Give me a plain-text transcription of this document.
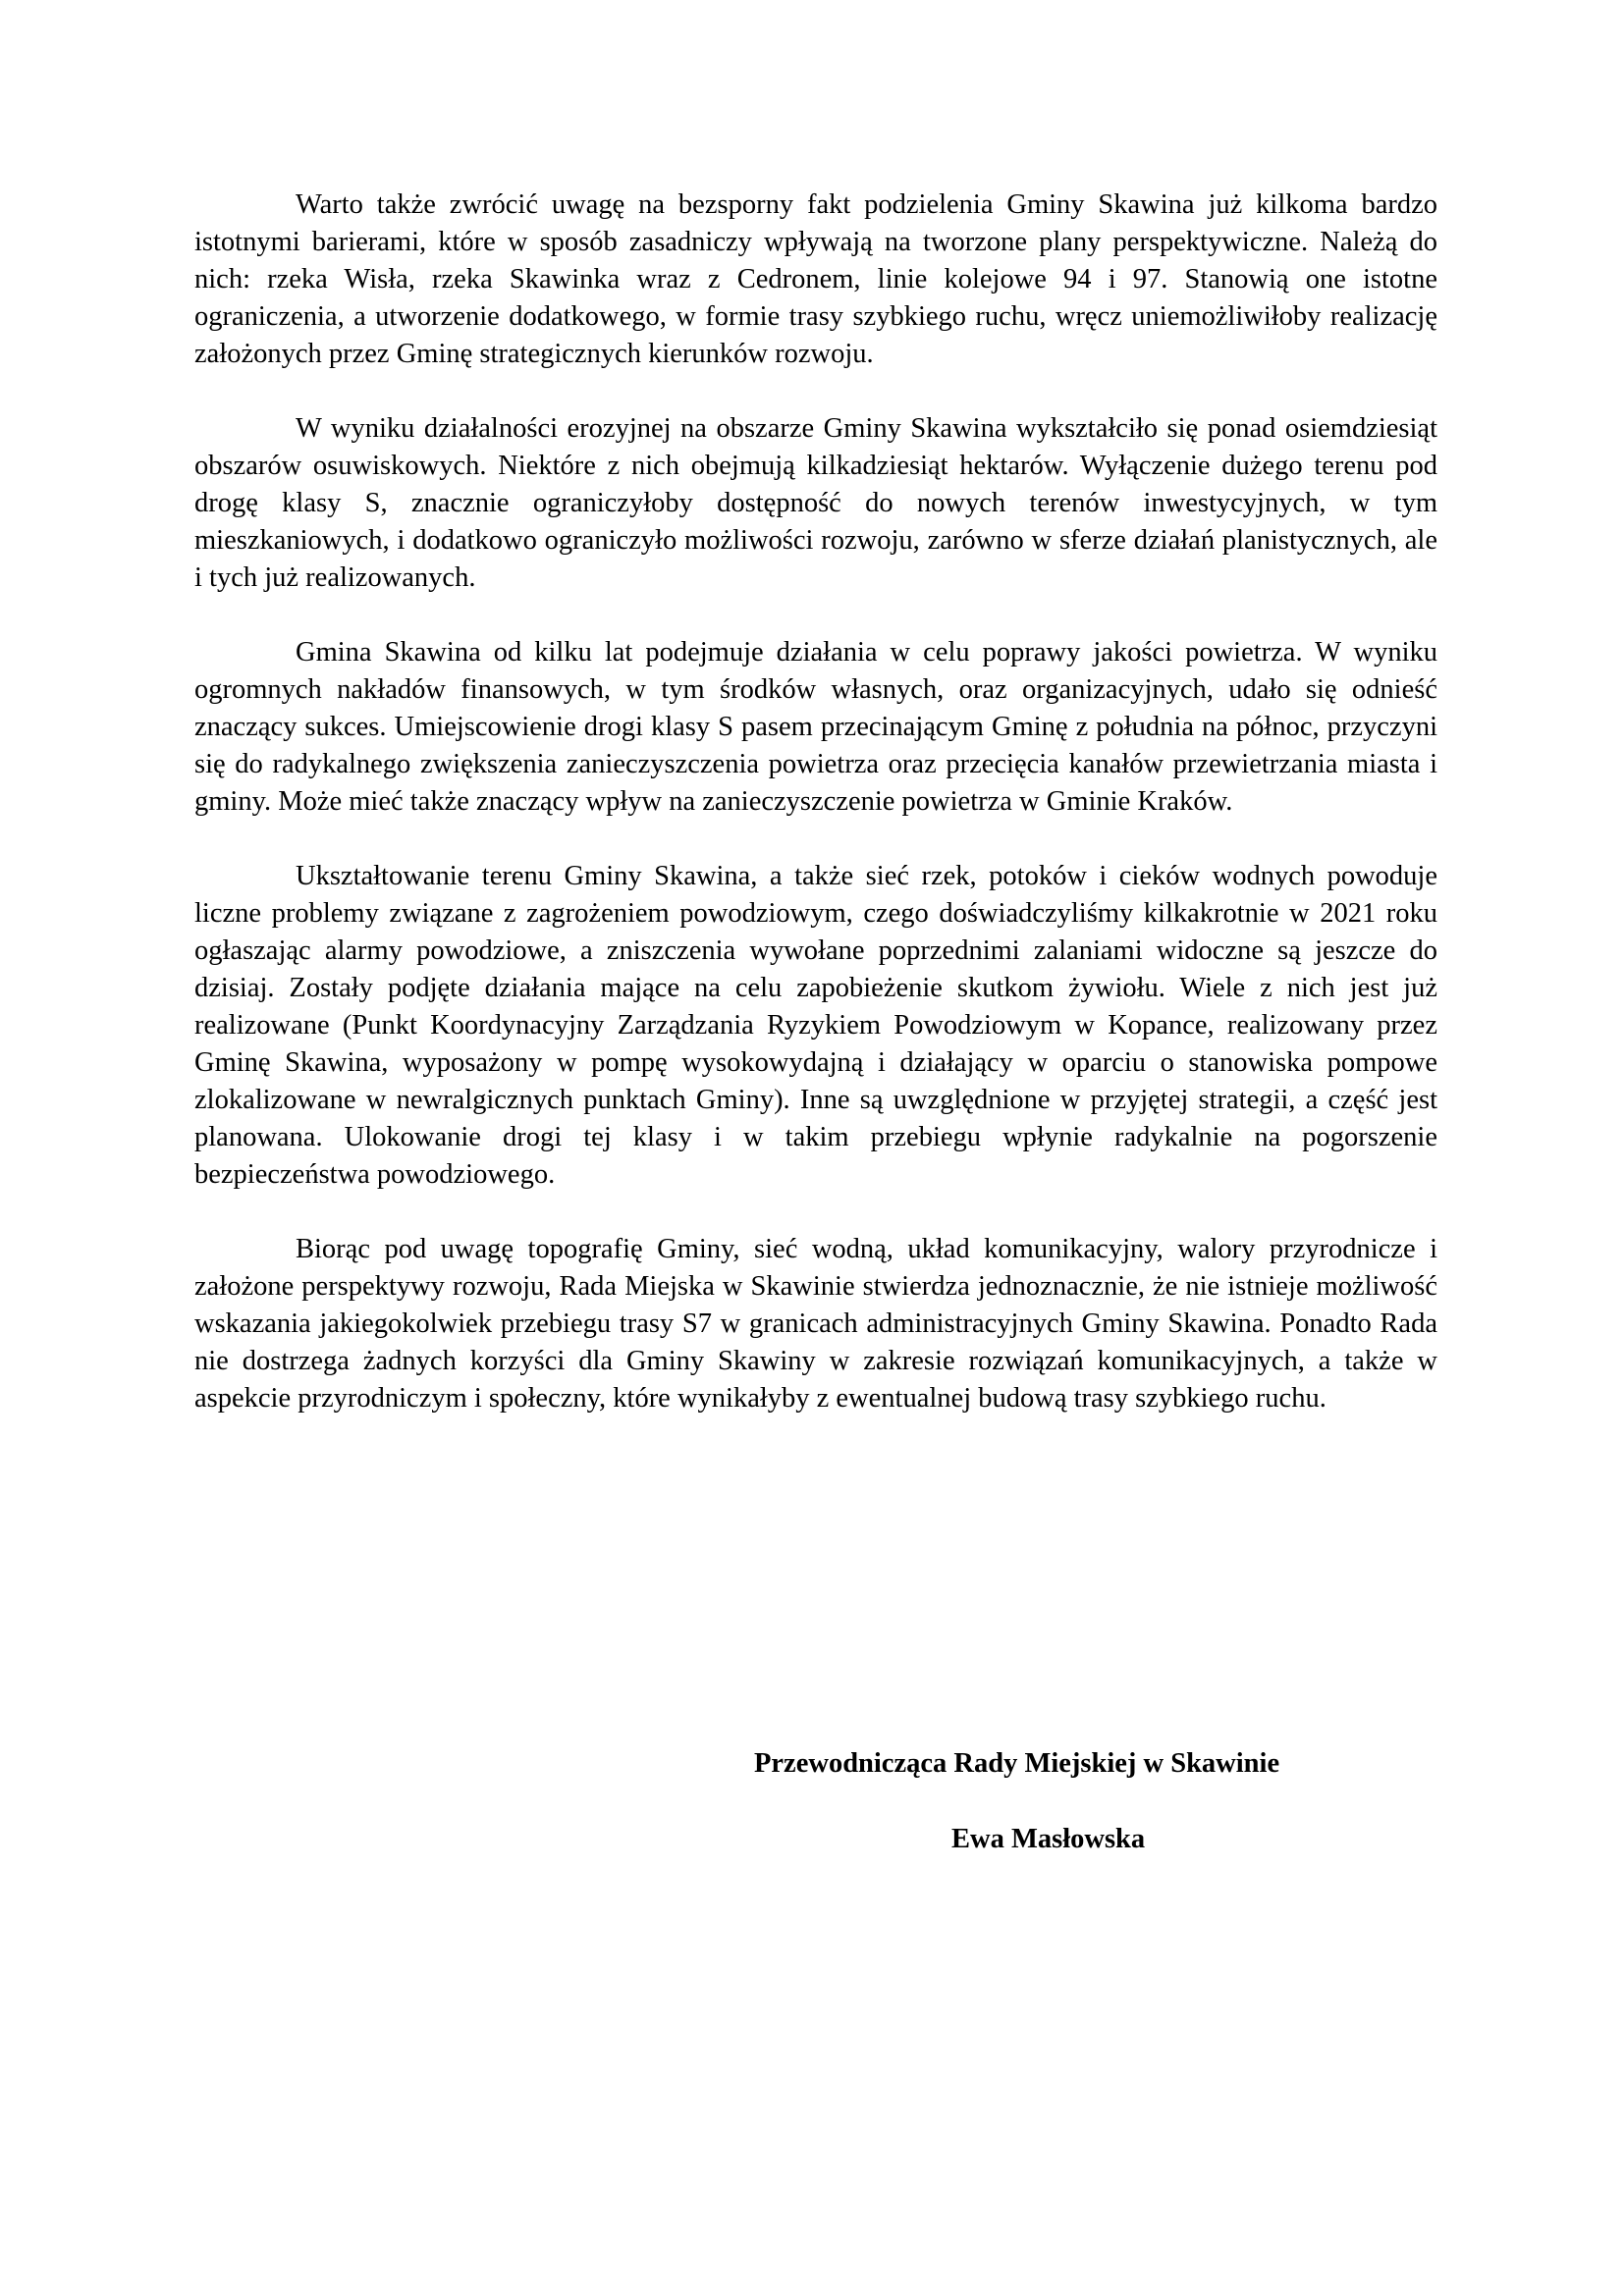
Warto także zwrócić uwagę na bezsporny fakt podzielenia Gminy Skawina już kilkoma bardzo istotnymi barierami, które w sposób zasadniczy wpływają na tworzone plany perspektywiczne. Należą do nich: rzeka Wisła, rzeka Skawinka wraz z Cedronem, linie kolejowe 94 i 97. Stanowią one istotne ograniczenia, a utworzenie dodatkowego, w formie trasy szybkiego ruchu, wręcz uniemożliwiłoby realizację założonych przez Gminę strategicznych kierunków rozwoju.

W wyniku działalności erozyjnej na obszarze Gminy Skawina wykształciło się ponad osiemdziesiąt obszarów osuwiskowych. Niektóre z nich obejmują kilkadziesiąt hektarów. Wyłączenie dużego terenu pod drogę klasy S, znacznie ograniczyłoby dostępność do nowych terenów inwestycyjnych, w tym mieszkaniowych, i dodatkowo ograniczyło możliwości rozwoju, zarówno w sferze działań planistycznych, ale i tych już realizowanych.

Gmina Skawina od kilku lat podejmuje działania w celu poprawy jakości powietrza. W wyniku ogromnych nakładów finansowych, w tym środków własnych, oraz organizacyjnych, udało się odnieść znaczący sukces. Umiejscowienie drogi klasy S pasem przecinającym Gminę z południa na północ, przyczyni się do radykalnego zwiększenia zanieczyszczenia powietrza oraz przecięcia kanałów przewietrzania miasta i gminy. Może mieć także znaczący wpływ na zanieczyszczenie powietrza w Gminie Kraków.

Ukształtowanie terenu Gminy Skawina, a także sieć rzek, potoków i cieków wodnych powoduje liczne problemy związane z zagrożeniem powodziowym, czego doświadczyliśmy kilkakrotnie w 2021 roku ogłaszając alarmy powodziowe, a zniszczenia wywołane poprzednimi zalaniami widoczne są jeszcze do dzisiaj. Zostały podjęte działania mające na celu zapobieżenie skutkom żywiołu. Wiele z nich jest już realizowane (Punkt Koordynacyjny Zarządzania Ryzykiem Powodziowym w Kopance, realizowany przez Gminę Skawina, wyposażony w pompę wysokowydajną i działający w oparciu o stanowiska pompowe zlokalizowane w newralgicznych punktach Gminy). Inne są uwzględnione w przyjętej strategii, a część jest planowana. Ulokowanie drogi tej klasy i w takim przebiegu wpłynie radykalnie na pogorszenie bezpieczeństwa powodziowego.

Biorąc pod uwagę topografię Gminy, sieć wodną, układ komunikacyjny, walory przyrodnicze i założone perspektywy rozwoju, Rada Miejska w Skawinie stwierdza jednoznacznie, że nie istnieje możliwość wskazania jakiegokolwiek przebiegu trasy S7 w granicach administracyjnych Gminy Skawina. Ponadto Rada nie dostrzega żadnych korzyści dla Gminy Skawiny w zakresie rozwiązań komunikacyjnych, a także w aspekcie przyrodniczym i społeczny, które wynikałyby z ewentualnej budową trasy szybkiego ruchu.

Przewodnicząca Rady Miejskiej w Skawinie

Ewa Masłowska
